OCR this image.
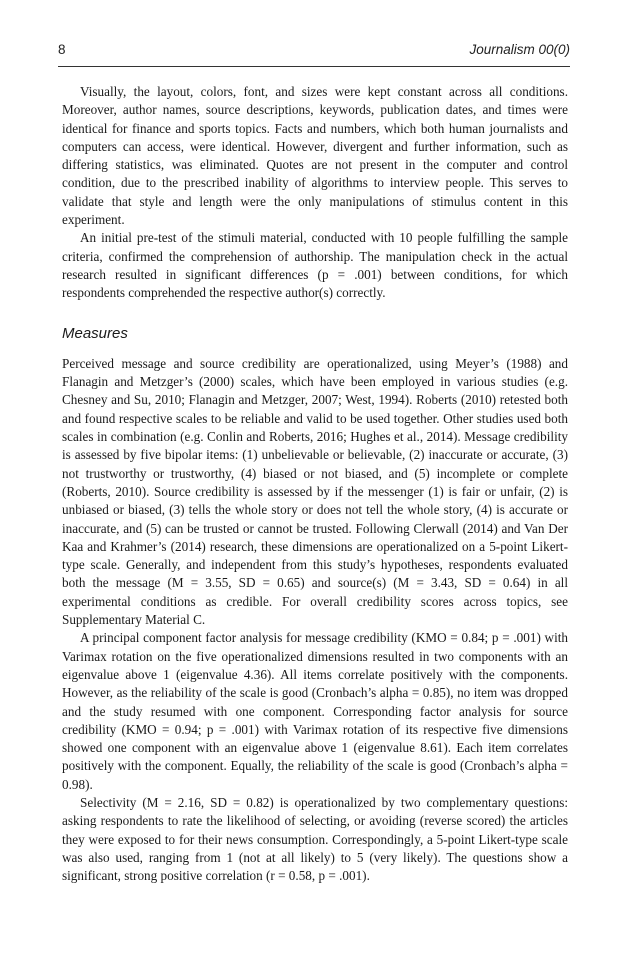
8	Journalism 00(0)

Visually, the layout, colors, font, and sizes were kept constant across all conditions. Moreover, author names, source descriptions, keywords, publication dates, and times were identical for finance and sports topics. Facts and numbers, which both human journalists and computers can access, were identical. However, divergent and further information, such as differing statistics, was eliminated. Quotes are not present in the computer and control condition, due to the prescribed inability of algorithms to interview people. This serves to validate that style and length were the only manipulations of stimulus content in this experiment.

An initial pre-test of the stimuli material, conducted with 10 people fulfilling the sample criteria, confirmed the comprehension of authorship. The manipulation check in the actual research resulted in significant differences (p = .001) between conditions, for which respondents comprehended the respective author(s) correctly.

Measures

Perceived message and source credibility are operationalized, using Meyer’s (1988) and Flanagin and Metzger’s (2000) scales, which have been employed in various studies (e.g. Chesney and Su, 2010; Flanagin and Metzger, 2007; West, 1994). Roberts (2010) retested both and found respective scales to be reliable and valid to be used together. Other studies used both scales in combination (e.g. Conlin and Roberts, 2016; Hughes et al., 2014). Message credibility is assessed by five bipolar items: (1) unbelievable or believable, (2) inaccurate or accurate, (3) not trustworthy or trustworthy, (4) biased or not biased, and (5) incomplete or complete (Roberts, 2010). Source credibility is assessed by if the messenger (1) is fair or unfair, (2) is unbiased or biased, (3) tells the whole story or does not tell the whole story, (4) is accurate or inaccurate, and (5) can be trusted or cannot be trusted. Following Clerwall (2014) and Van Der Kaa and Krahmer’s (2014) research, these dimensions are operationalized on a 5-point Likert-type scale. Generally, and independent from this study’s hypotheses, respondents evaluated both the message (M = 3.55, SD = 0.65) and source(s) (M = 3.43, SD = 0.64) in all experimental conditions as credible. For overall credibility scores across topics, see Supplementary Material C.

A principal component factor analysis for message credibility (KMO = 0.84; p = .001) with Varimax rotation on the five operationalized dimensions resulted in two components with an eigenvalue above 1 (eigenvalue 4.36). All items correlate positively with the components. However, as the reliability of the scale is good (Cronbach’s alpha = 0.85), no item was dropped and the study resumed with one component. Corresponding factor analysis for source credibility (KMO = 0.94; p = .001) with Varimax rotation of its respective five dimensions showed one component with an eigenvalue above 1 (eigenvalue 8.61). Each item correlates positively with the component. Equally, the reliability of the scale is good (Cronbach’s alpha = 0.98).

Selectivity (M = 2.16, SD = 0.82) is operationalized by two complementary questions: asking respondents to rate the likelihood of selecting, or avoiding (reverse scored) the articles they were exposed to for their news consumption. Correspondingly, a 5-point Likert-type scale was also used, ranging from 1 (not at all likely) to 5 (very likely). The questions show a significant, strong positive correlation (r = 0.58, p = .001).
